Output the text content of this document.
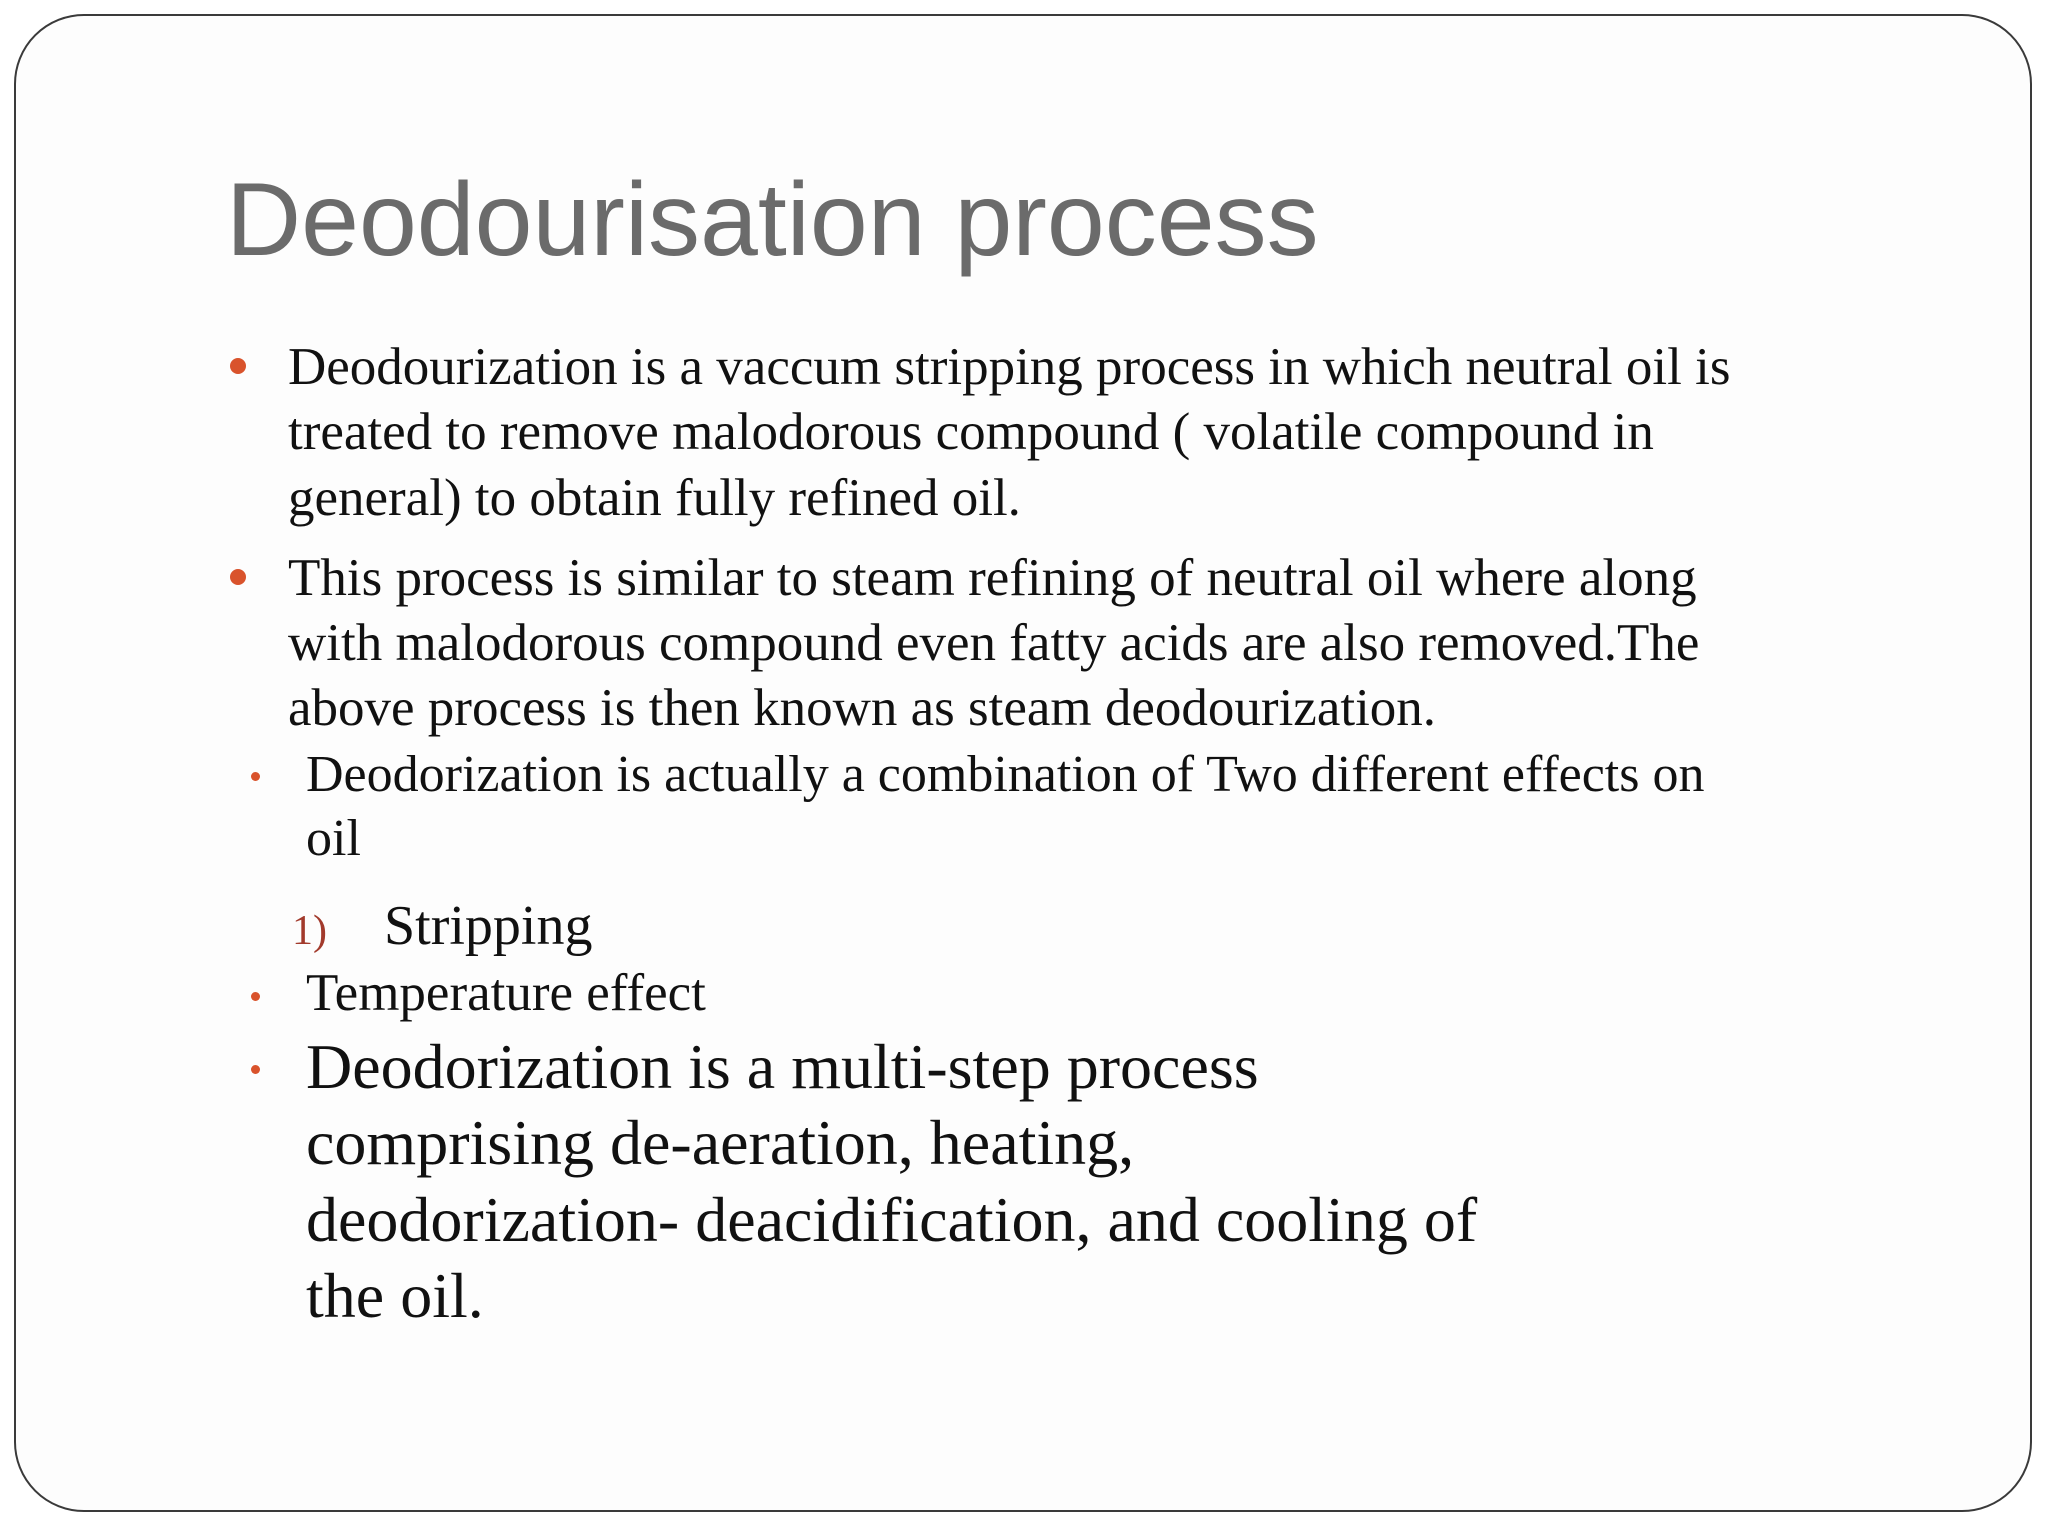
Deodourisation process
Deodourization is a vaccum stripping process in which neutral oil is
treated to remove malodorous compound ( volatile compound in
general) to obtain fully refined oil.
This process is similar to steam refining of neutral oil where along
with malodorous compound even fatty acids are also removed.The
above process is then known as steam deodourization.
Deodorization is actually a combination of Two different effects on
oil
1) Stripping
Temperature effect
Deodorization is a multi-step process
comprising de-aeration, heating,
deodorization- deacidification, and cooling of
the oil.
